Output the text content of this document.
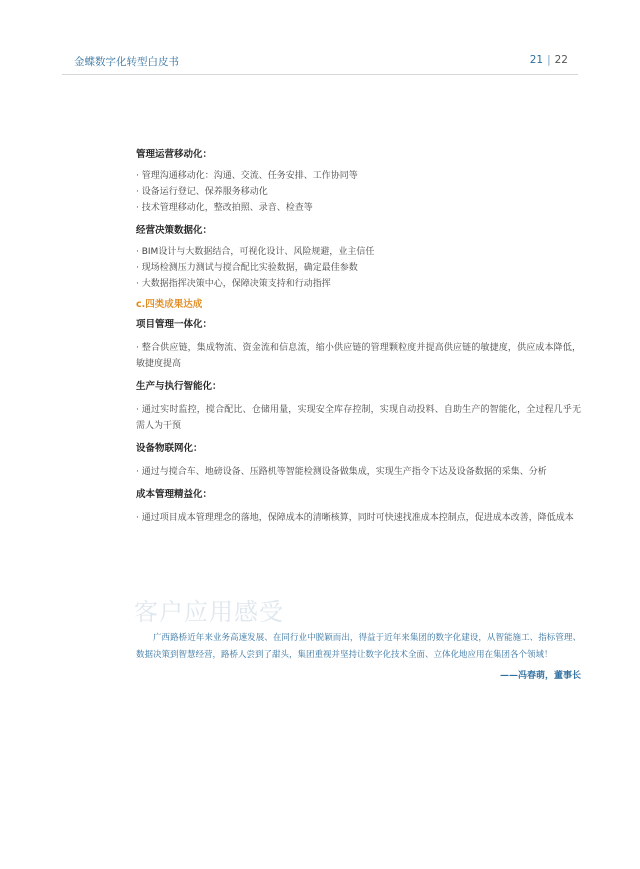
金蝶数字化转型白皮书	21 | 22
管理运营移动化：
· 管理沟通移动化：沟通、交流、任务安排、工作协同等
· 设备运行登记、保养服务移动化
· 技术管理移动化，整改拍照、录音、检查等
经营决策数据化：
· BIM设计与大数据结合，可视化设计、风险规避，业主信任
· 现场检测压力测试与搅合配比实验数据，确定最佳参数
· 大数据指挥决策中心，保障决策支持和行动指挥
c.四类成果达成
项目管理一体化：
· 整合供应链，集成物流、资金流和信息流，缩小供应链的管理颗粒度并提高供应链的敏捷度，供应成本降低，敏捷度提高
生产与执行智能化：
· 通过实时监控，搅合配比、仓储用量，实现安全库存控制，实现自动投料、自助生产的智能化，全过程几乎无需人为干预
设备物联网化：
· 通过与搅合车、地磅设备、压路机等智能检测设备做集成，实现生产指令下达及设备数据的采集、分析
成本管理精益化：
· 通过项目成本管理理念的落地，保障成本的清晰核算，同时可快速找准成本控制点，促进成本改善，降低成本
客户应用感受
广西路桥近年来业务高速发展、在同行业中脱颖而出，得益于近年来集团的数字化建设，从智能施工、指标管理、数据决策到智慧经营，路桥人尝到了甜头，集团重视并坚持让数字化技术全面、立体化地应用在集团各个领域！
——冯春萌，董事长
